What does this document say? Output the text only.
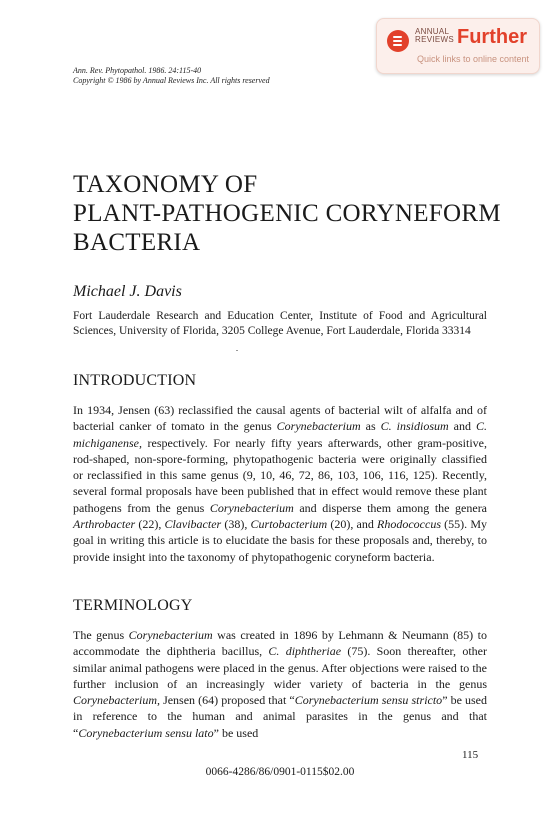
ANNUAL
REVIEWS Further
Quick links to online content
Ann. Rev. Phytopathol. 1986. 24:115-40
Copyright © 1986 by Annual Reviews Inc. All rights reserved
TAXONOMY OF
PLANT-PATHOGENIC CORYNEFORM
BACTERIA
Michael J. Davis
Fort Lauderdale Research and Education Center, Institute of Food and Agricultural Sciences, University of Florida, 3205 College Avenue, Fort Lauderdale, Florida 33314
INTRODUCTION

In 1934, Jensen (63) reclassified the causal agents of bacterial wilt of alfalfa and of bacterial canker of tomato in the genus Corynebacterium as C. insidiosum and C. michiganense, respectively. For nearly fifty years afterwards, other gram-positive, rod-shaped, non-spore-forming, phytopathogenic bacteria were originally classified or reclassified in this same genus (9, 10, 46, 72, 86, 103, 106, 116, 125). Recently, several formal proposals have been published that in effect would remove these plant pathogens from the genus Corynebacterium and disperse them among the genera Arthrobacter (22), Clavibacter (38), Curtobacterium (20), and Rhodococcus (55). My goal in writing this article is to elucidate the basis for these proposals and, thereby, to provide insight into the taxonomy of phytopathogenic coryneform bacteria.

TERMINOLOGY

The genus Corynebacterium was created in 1896 by Lehmann & Neumann (85) to accommodate the diphtheria bacillus, C. diphtheriae (75). Soon thereafter, other similar animal pathogens were placed in the genus. After objections were raised to the further inclusion of an increasingly wider variety of bacteria in the genus Corynebacterium, Jensen (64) proposed that “Corynebacterium sensu stricto” be used in reference to the human and animal parasites in the genus and that “Corynebacterium sensu lato” be used

115
0066-4286/86/0901-0115$02.00
